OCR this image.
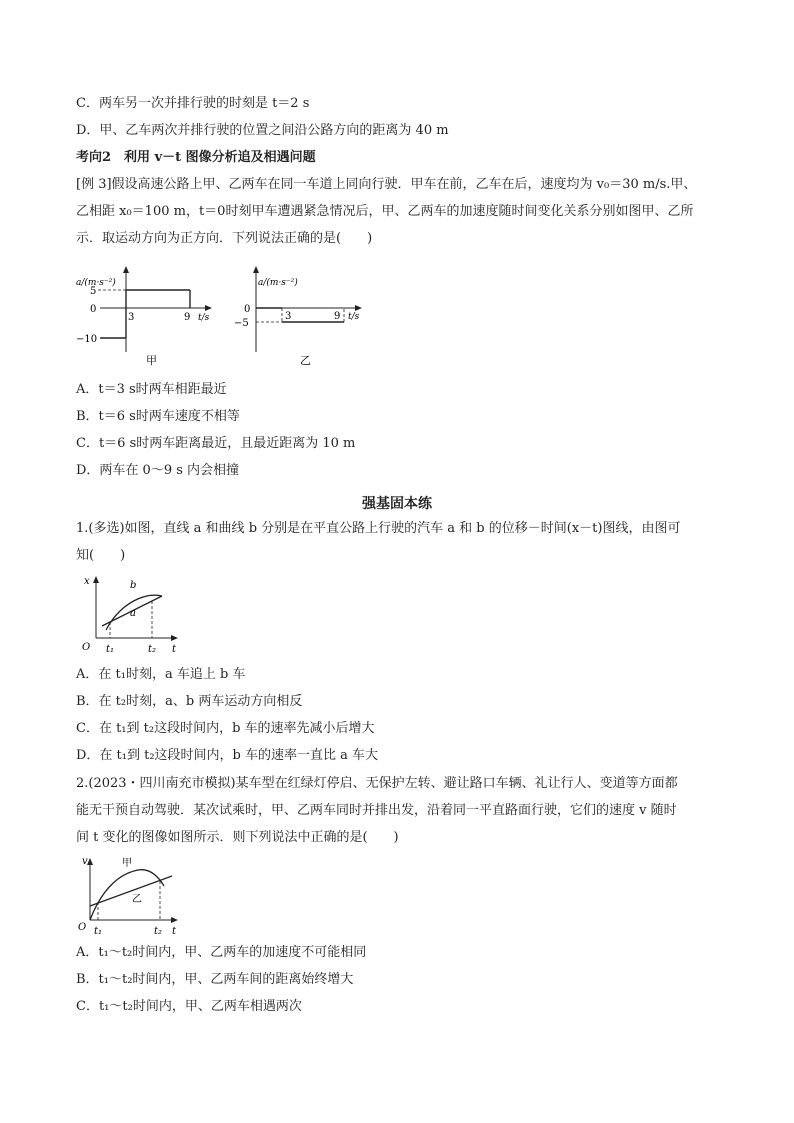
C．两车另一次并排行驶的时刻是 t＝2 s
D．甲、乙车两次并排行驶的位置之间沿公路方向的距离为 40 m
考向2　利用 v－t 图像分析追及相遇问题
[例 3]假设高速公路上甲、乙两车在同一车道上同向行驶．甲车在前，乙车在后，速度均为 v₀＝30 m/s.甲、
乙相距 x₀＝100 m，t＝0时刻甲车遭遇紧急情况后，甲、乙两车的加速度随时间变化关系分别如图甲、乙所
示．取运动方向为正方向．下列说法正确的是(　　)
a/(m·s⁻²)
5
0
−10
3	9 t/s
甲
a/(m·s⁻²)
0
−5
3	9 t/s
乙
A．t＝3 s时两车相距最近
B．t＝6 s时两车速度不相等
C．t＝6 s时两车距离最近，且最近距离为 10 m
D．两车在 0～9 s 内会相撞
强基固本练
1.(多选)如图，直线 a 和曲线 b 分别是在平直公路上行驶的汽车 a 和 b 的位移－时间(x－t)图线，由图可
知(　　)
x
O	t
t₁	t₂
a
b
A．在 t₁时刻，a 车追上 b 车
B．在 t₂时刻，a、b 两车运动方向相反
C．在 t₁到 t₂这段时间内，b 车的速率先减小后增大
D．在 t₁到 t₂这段时间内，b 车的速率一直比 a 车大
2.(2023・四川南充市模拟)某车型在红绿灯停启、无保护左转、避让路口车辆、礼让行人、变道等方面都
能无干预自动驾驶．某次试乘时，甲、乙两车同时并排出发，沿着同一平直路面行驶，它们的速度 v 随时
间 t 变化的图像如图所示．则下列说法中正确的是(　　)
v
O	t
t₁	t₂
甲
乙
A．t₁～t₂时间内，甲、乙两车的加速度不可能相同
B．t₁～t₂时间内，甲、乙两车间的距离始终增大
C．t₁～t₂时间内，甲、乙两车相遇两次
